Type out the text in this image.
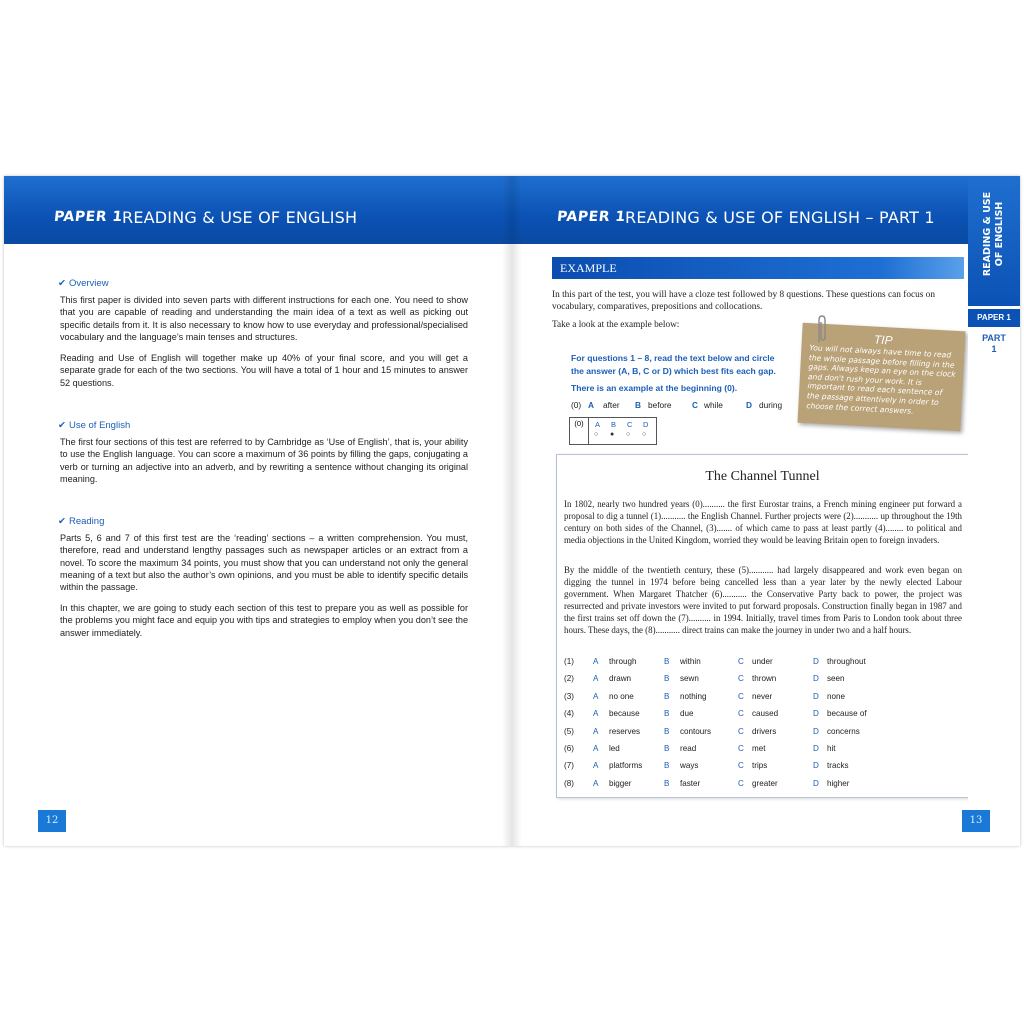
PAPER 1
READING & USE OF ENGLISH
✔ Overview
This first paper is divided into seven parts with different instructions for each one. You need to show that you are capable of reading and understanding the main idea of a text as well as picking out specific details from it. It is also necessary to know how to use everyday and professional/specialised vocabulary and the language’s main tenses and structures.
Reading and Use of English will together make up 40% of your final score, and you will get a separate grade for each of the two sections. You will have a total of 1 hour and 15 minutes to answer 52 questions.
✔ Use of English
The first four sections of this test are referred to by Cambridge as ‘Use of English’, that is, your ability to use the English language. You can score a maximum of 36 points by filling the gaps, conjugating a verb or turning an adjective into an adverb, and by rewriting a sentence without changing its original meaning.
✔ Reading
Parts 5, 6 and 7 of this first test are the ‘reading’ sections – a written comprehension. You must, therefore, read and understand lengthy passages such as newspaper articles or an extract from a novel. To score the maximum 34 points, you must show that you can understand not only the general meaning of a text but also the author’s own opinions, and you must be able to identify specific details within the passage.
In this chapter, we are going to study each section of this test to prepare you as well as possible for the problems you might face and equip you with tips and strategies to employ when you don’t see the answer immediately.
12
PAPER 1
READING & USE OF ENGLISH – PART 1
EXAMPLE
In this part of the test, you will have a cloze test followed by 8 questions. These questions can focus on vocabulary, comparatives, prepositions and collocations.
Take a look at the example below:
For questions 1 – 8, read the text below and circle the answer (A, B, C or D) which best fits each gap.
There is an example at the beginning (0).
(0) A after B before C while	D during
(0)	A B C D
○ ● ○ ○
TIP
You will not always have time to read the whole passage before filling in the gaps. Always keep an eye on the clock and don't rush your work. It is important to read each sentence of the passage attentively in order to choose the correct answers.
The Channel Tunnel
In 1802, nearly two hundred years (0).......... the first Eurostar trains, a French mining engineer put forward a proposal to dig a tunnel (1)........... the English Channel. Further projects were (2)........... up throughout the 19th century on both sides of the Channel, (3)....... of which came to pass at least partly (4)........ to political and media objections in the United Kingdom, worried they would be leaving Britain open to foreign invaders.
By the middle of the twentieth century, these (5)........... had largely disappeared and work even began on digging the tunnel in 1974 before being cancelled less than a year later by the newly elected Labour government. When Margaret Thatcher (6)........... the Conservative Party back to power, the project was resurrected and private investors were invited to put forward proposals. Construction finally began in 1987 and the first trains set off down the (7).......... in 1994. Initially, travel times from Paris to London took about three hours. These days, the (8)........... direct trains can make the journey in under two and a half hours.
(1) A through	B within	C under	D throughout
(2) A drawn	B sewn	C thrown	D seen
(3) A no one	B nothing	C never	D none
(4) A because	B due	C caused	D because of
(5) A reserves	B contours	C drivers	D concerns
(6) A led	B read	C met	D hit
(7) A platforms	B ways	C trips	D tracks
(8) A bigger	B faster	C greater	D higher
READING & USE OF ENGLISH
PAPER 1
PART
1
13
